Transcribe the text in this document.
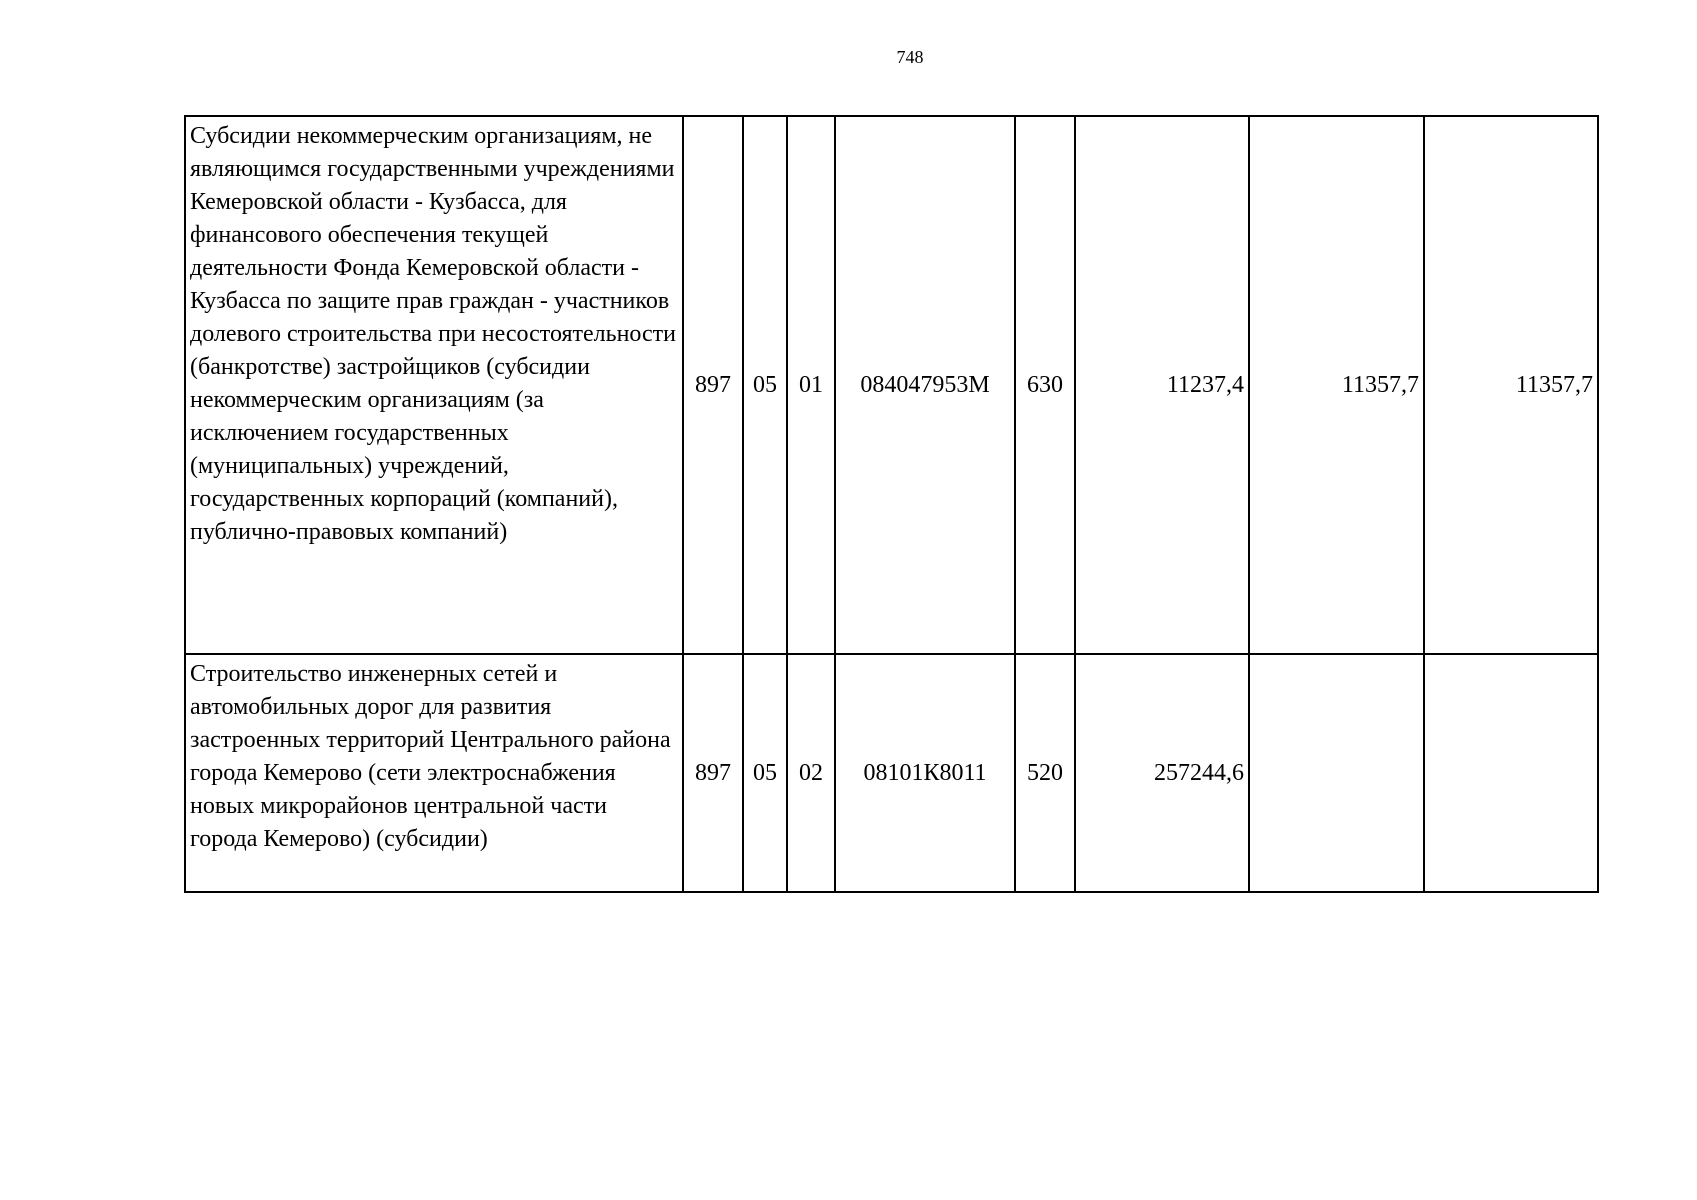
748
Субсидии некоммерческим организациям, не являющимся государственными учреждениями Кемеровской области - Кузбасса, для финансового обеспечения текущей деятельности Фонда Кемеровской области - Кузбасса по защите прав граждан - участников долевого строительства при несостоятельности (банкротстве) застройщиков (субсидии некоммерческим организациям (за исключением государственных (муниципальных) учреждений, государственных корпораций (компаний), публично-правовых компаний)	897	05	01	084047953М	630	11237,4	11357,7	11357,7
Строительство инженерных сетей и автомобильных дорог для развития застроенных территорий Центрального района города Кемерово (сети электроснабжения новых микрорайонов центральной части города Кемерово) (субсидии)	897	05	02	08101К8011	520	257244,6		
